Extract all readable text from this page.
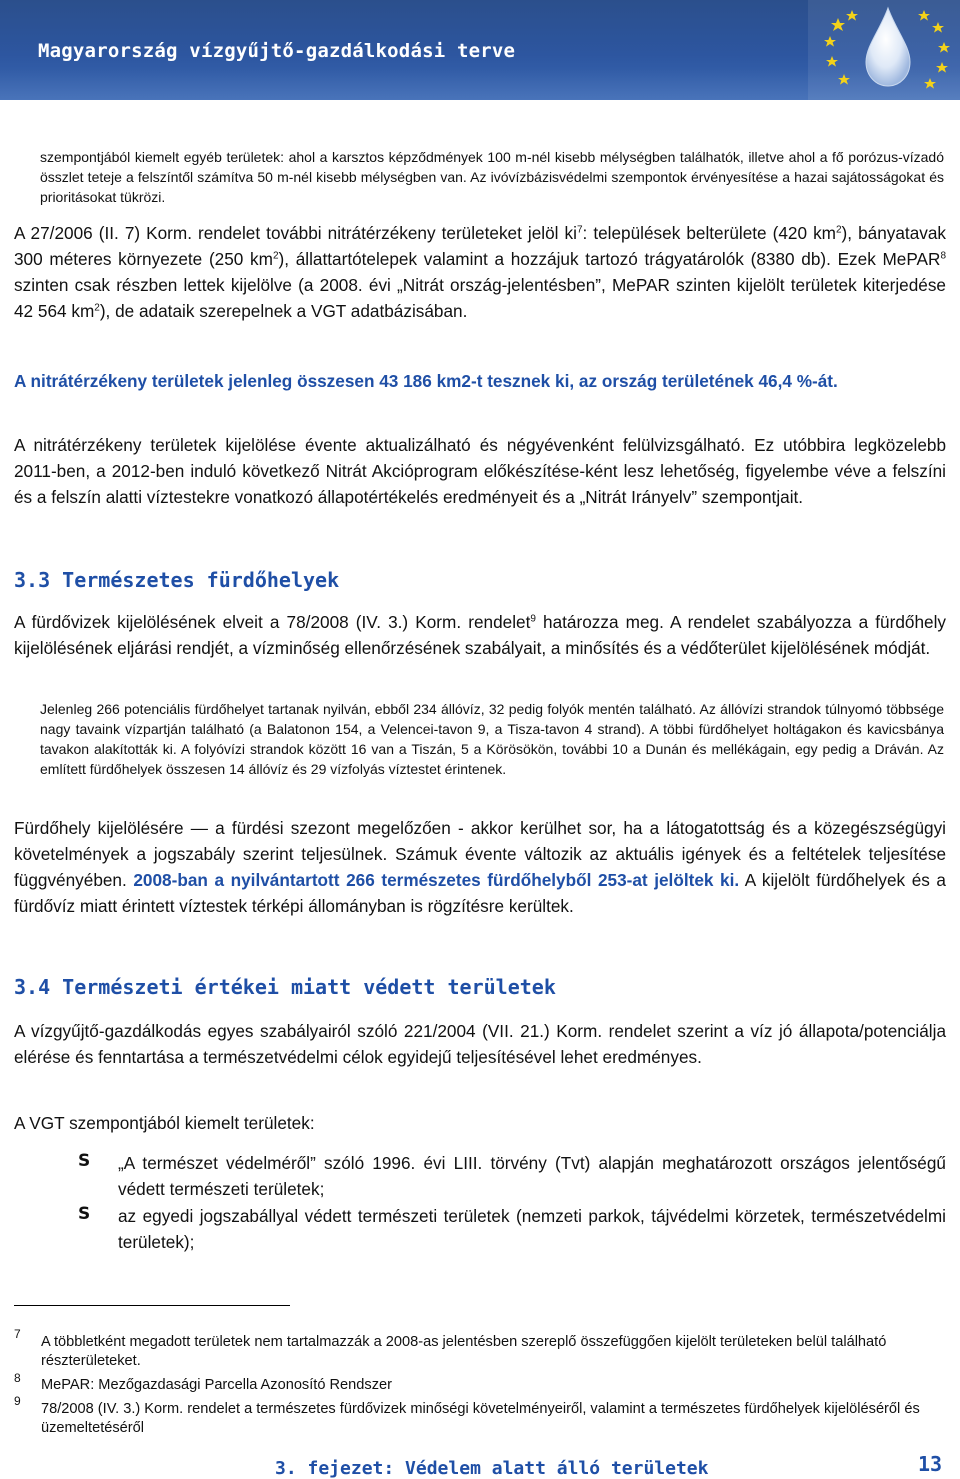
Magyarország vízgyűjtő-gazdálkodási terve
szempontjából kiemelt egyéb területek: ahol a karsztos képződmények 100 m-nél kisebb mélységben találhatók, illetve ahol a fő porózus-vízadó összlet teteje a felszíntől számítva 50 m-nél kisebb mélységben van. Az ivóvízbázisvédelmi szempontok érvényesítése a hazai sajátosságokat és prioritásokat tükrözi.

A 27/2006 (II. 7) Korm. rendelet további nitrátérzékeny területeket jelöl $ki^7$: települések belterülete (420 $km^2$), bányatavak 300 méteres környezete (250 $km^2$), állattartótelepek valamint a hozzájuk tartozó trágyatárolók (8380 db). Ezek MePAR$^8$ szinten csak részben lettek kijelölve (a 2008. évi „Nitrát ország-jelentésben”, MePAR szinten kijelölt területek kiterjedése 42 564 $km^2$), de adataik szerepelnek a VGT adatbázisában.

A nitrátérzékeny területek jelenleg összesen 43 186 km2-t tesznek ki, az ország területének 46,4 %-át.

A nitrátérzékeny területek kijelölése évente aktualizálható és négyévenként felülvizsgálható. Ez utóbbira legközelebb 2011-ben, a 2012-ben induló következő Nitrát Akcióprogram előkészítése-ként lesz lehetőség, figyelembe véve a felszíni és a felszín alatti víztestekre vonatkozó állapotértékelés eredményeit és a „Nitrát Irányelv” szempontjait.

3.3 Természetes fürdőhelyek

A fürdővizek kijelölésének elveit a 78/2008 (IV. 3.) Korm. rendelet$^9$ határozza meg. A rendelet szabályozza a fürdőhely kijelölésének eljárási rendjét, a vízminőség ellenőrzésének szabályait, a minősítés és a védőterület kijelölésének módját.

Jelenleg 266 potenciális fürdőhelyet tartanak nyilván, ebből 234 állóvíz, 32 pedig folyók mentén található. Az állóvízi strandok túlnyomó többsége nagy tavaink vízpartján található (a Balatonon 154, a Velencei-tavon 9, a Tisza-tavon 4 strand). A többi fürdőhelyet holtágakon és kavicsbánya tavakon alakították ki. A folyóvízi strandok között 16 van a Tiszán, 5 a Körösökön, további 10 a Dunán és mellékágain, egy pedig a Dráván. Az említett fürdőhelyek összesen 14 állóvíz és 29 vízfolyás víztestet érintenek.

Fürdőhely kijelölésére — a fürdési szezont megelőzően - akkor kerülhet sor, ha a látogatottság és a közegészségügyi követelmények a jogszabály szerint teljesülnek. Számuk évente változik az aktuális igények és a feltételek teljesítése függvényében. 2008-ban a nyilvántartott 266 természetes fürdőhelyből 253-at jelöltek ki. A kijelölt fürdőhelyek és a fürdővíz miatt érintett víztestek térképi állományban is rögzítésre kerültek.

3.4 Természeti értékei miatt védett területek

A vízgyűjtő-gazdálkodás egyes szabályairól szóló 221/2004 (VII. 21.) Korm. rendelet szerint a víz jó állapota/potenciálja elérése és fenntartása a természetvédelmi célok egyidejű teljesítésével lehet eredményes.

A VGT szempontjából kiemelt területek:

S „A természet védelméről” szóló 1996. évi LIII. törvény (Tvt) alapján meghatározott országos jelentőségű védett természeti területek;

S az egyedi jogszabállyal védett természeti területek (nemzeti parkok, tájvédelmi körzetek, természetvédelmi területek);

7 A többletként megadott területek nem tartalmazzák a 2008-as jelentésben szereplő összefüggően kijelölt területeken belül található részterületeket.
8 MePAR: Mezőgazdasági Parcella Azonosító Rendszer
9 78/2008 (IV. 3.) Korm. rendelet a természetes fürdővizek minőségi követelményeiről, valamint a természetes fürdőhelyek kijelöléséről és üzemeltetéséről
3. fejezet: Védelem alatt álló területek	13
